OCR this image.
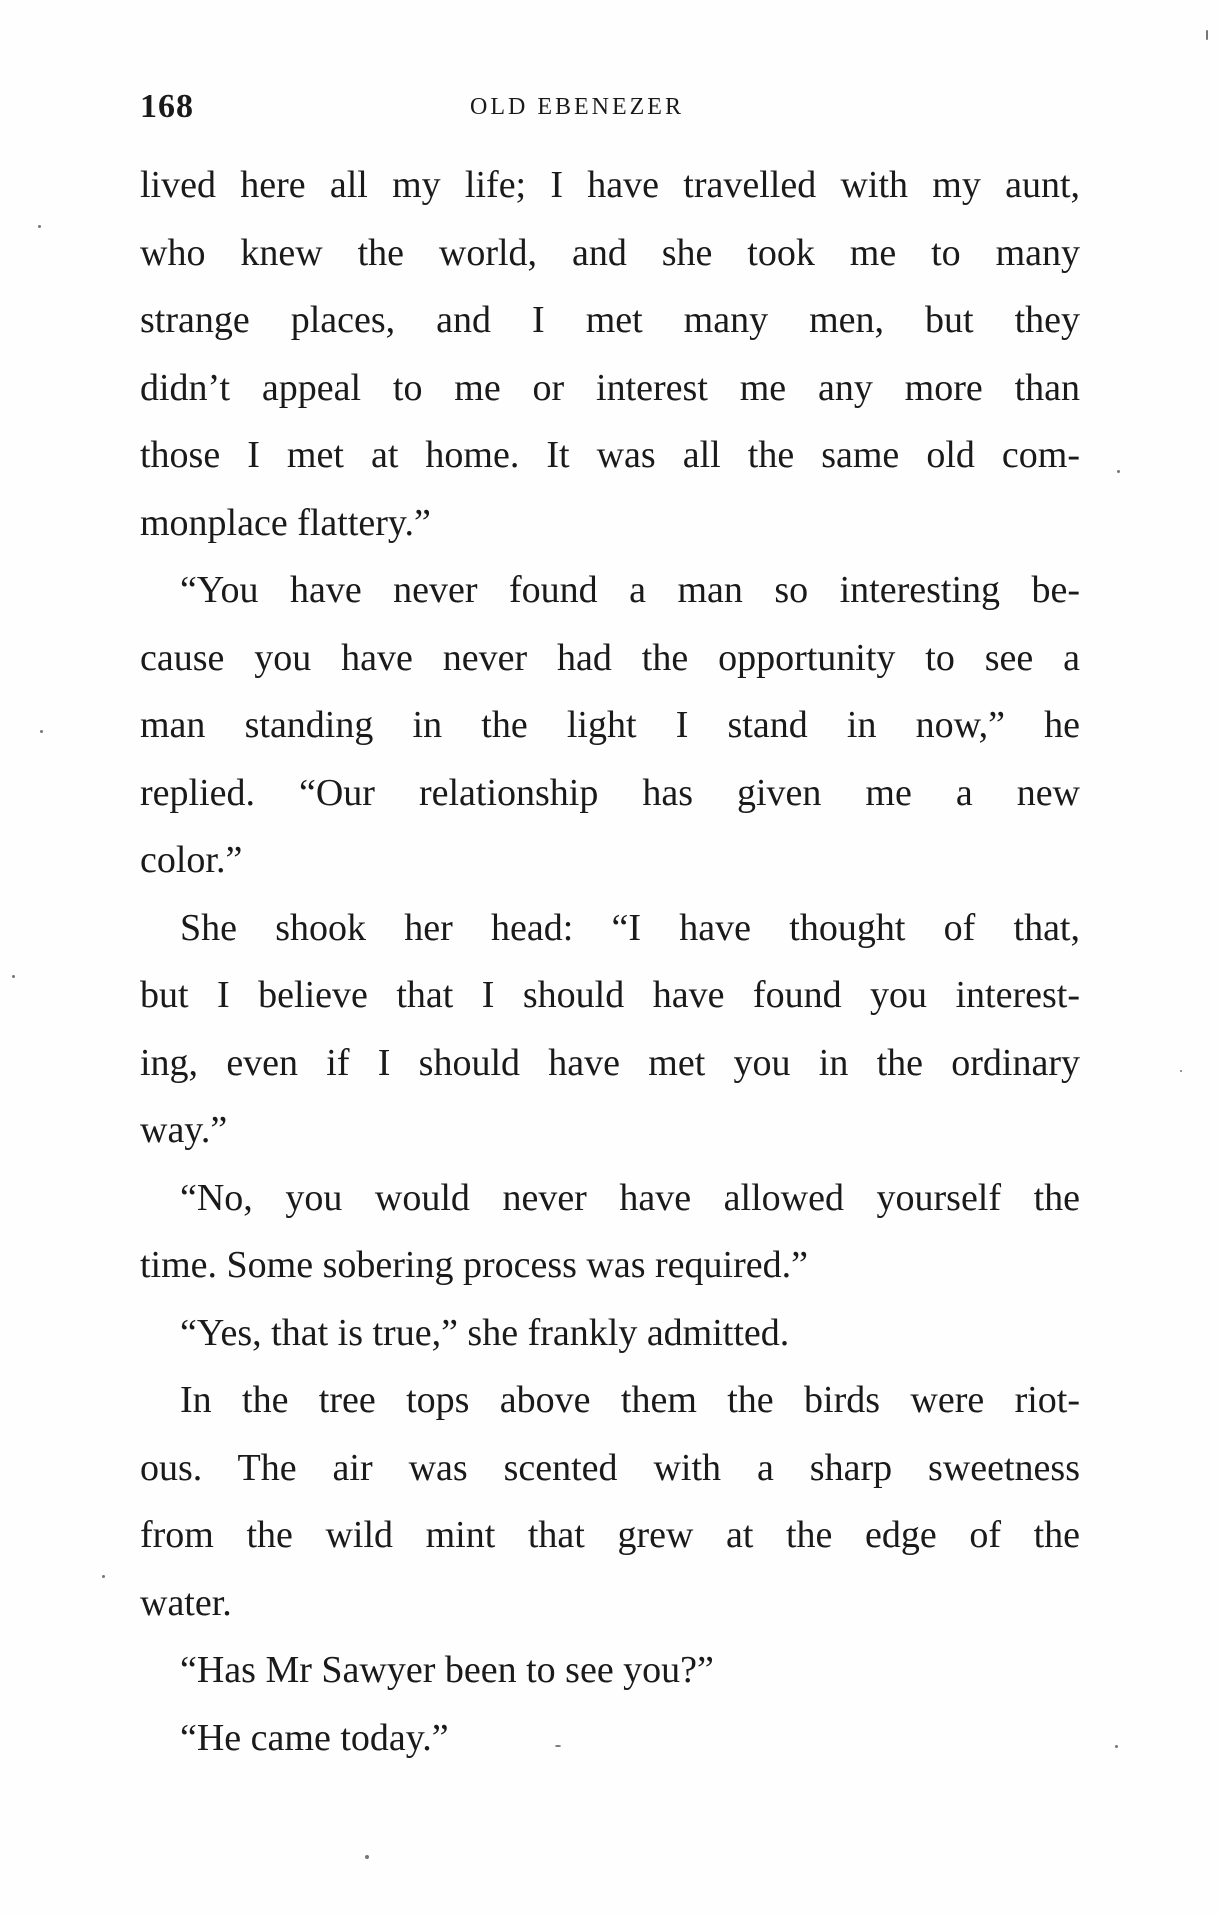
168	OLD EBENEZER
lived here all my life; I have travelled with my aunt,
who knew the world, and she took me to many
strange places, and I met many men, but they
didn’t appeal to me or interest me any more than
those I met at home. It was all the same old com-
monplace flattery.”
“You have never found a man so interesting be-
cause you have never had the opportunity to see a
man standing in the light I stand in now,” he
replied. “Our relationship has given me a new
color.”
She shook her head: “I have thought of that,
but I believe that I should have found you interest-
ing, even if I should have met you in the ordinary
way.”
“No, you would never have allowed yourself the
time. Some sobering process was required.”
“Yes, that is true,” she frankly admitted.
In the tree tops above them the birds were riot-
ous. The air was scented with a sharp sweetness
from the wild mint that grew at the edge of the
water.
“Has Mr Sawyer been to see you?”
“He came today.”
